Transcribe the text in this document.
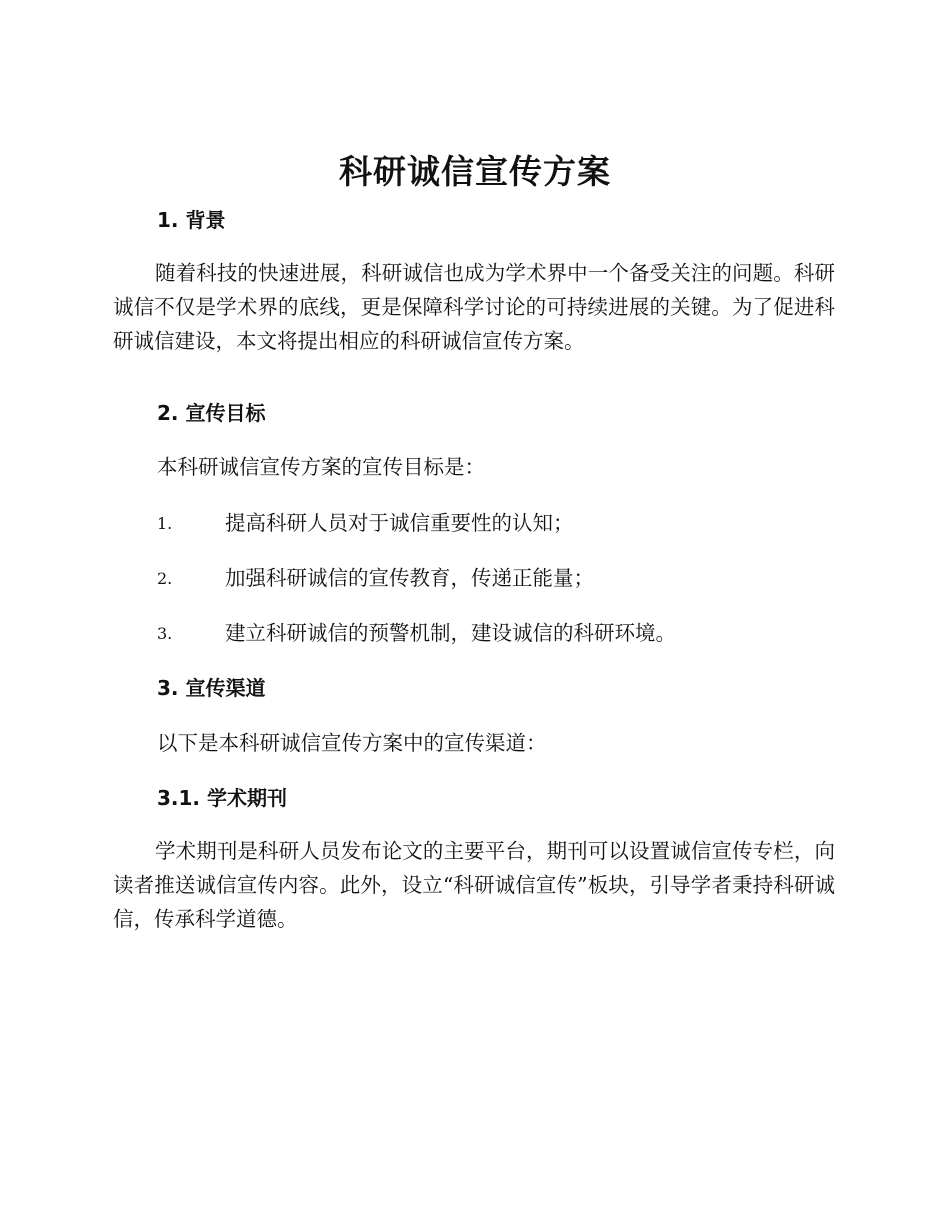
科研诚信宣传方案
1. 背景

随着科技的快速进展，科研诚信也成为学术界中一个备受关注的问题。科研诚信不仅是学术界的底线，更是保障科学讨论的可持续进展的关键。为了促进科研诚信建设，本文将提出相应的科研诚信宣传方案。

2. 宣传目标

本科研诚信宣传方案的宣传目标是：

1.	提高科研人员对于诚信重要性的认知；
2.	加强科研诚信的宣传教育，传递正能量；
3.	建立科研诚信的预警机制，建设诚信的科研环境。
3. 宣传渠道

以下是本科研诚信宣传方案中的宣传渠道：

3.1. 学术期刊

学术期刊是科研人员发布论文的主要平台，期刊可以设置诚信宣传专栏，向读者推送诚信宣传内容。此外，设立“科研诚信宣传”板块，引导学者秉持科研诚信，传承科学道德。
